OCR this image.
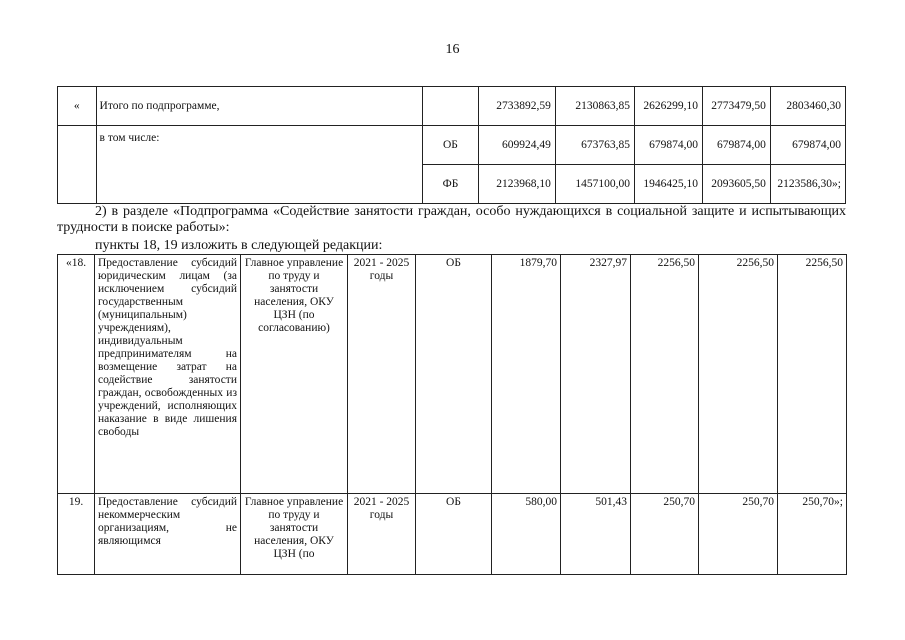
16
«	Итого по подпрограмме,		2733892,59	2130863,85	2626299,10	2773479,50	2803460,30
	в том числе:	ОБ	609924,49	673763,85	679874,00	679874,00	679874,00
		ФБ	2123968,10	1457100,00	1946425,10	2093605,50	2123586,30»;
2) в разделе «Подпрограмма «Содействие занятости граждан, особо нуждающихся в социальной защите и испытывающих трудности в поиске работы»:
пункты 18, 19 изложить в следующей редакции:
«18.	Предоставление субсидий юридическим лицам (за исключением субсидий государственным (муниципальным) учреждениям), индивидуальным предпринимателям на возмещение затрат на содействие занятости граждан, освобожденных из учреждений, исполняющих наказание в виде лишения свободы	Главное управление по труду и занятости населения, ОКУ ЦЗН (по согласованию)	2021 - 2025 годы	ОБ	1879,70	2327,97	2256,50	2256,50	2256,50
19.	Предоставление субсидий некоммерческим организациям, не являющимся	Главное управление по труду и занятости населения, ОКУ ЦЗН (по	2021 - 2025 годы	ОБ	580,00	501,43	250,70	250,70	250,70»;
